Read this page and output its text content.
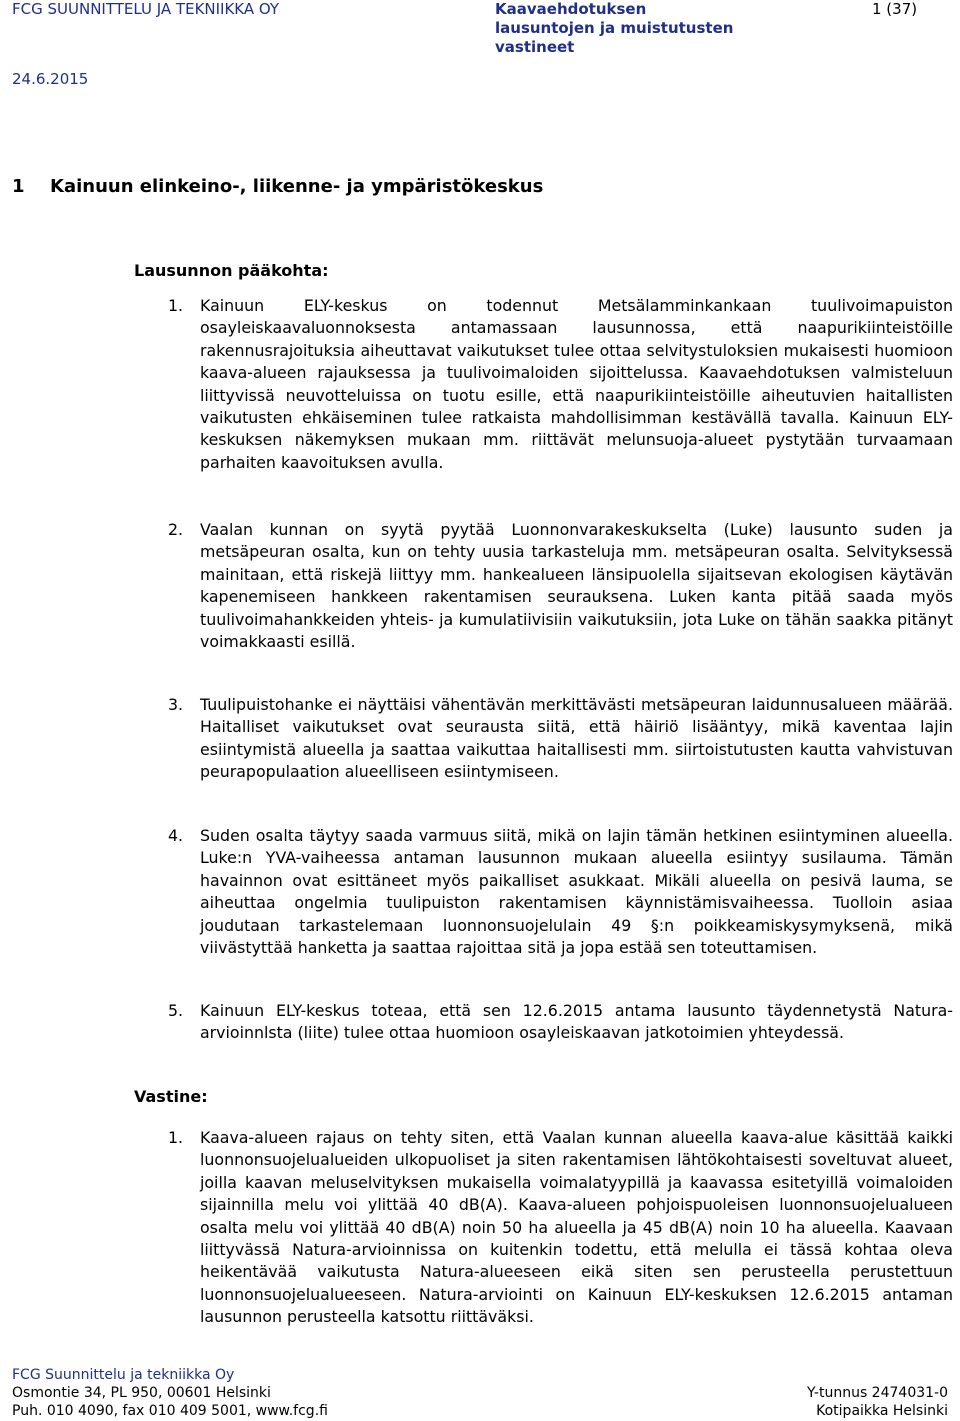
FCG SUUNNITTELU JA TEKNIIKKA OY	Kaavaehdotuksen lausuntojen ja muistutusten vastineet
1 (37)
24.6.2015
1 Kainuun elinkeino-, liikenne- ja ympäristökeskus
Lausunnon pääkohta:
1. Kainuun ELY-keskus on todennut Metsälamminkankaan tuulivoimapuiston osayleiskaavaluonnoksesta antamassaan lausunnossa, että naapurikiinteistöille rakennusrajoituksia aiheuttavat vaikutukset tulee ottaa selvitystuloksien mukaisesti huomioon kaava-alueen rajauksessa ja tuulivoimaloiden sijoittelussa. Kaavaehdotuksen valmisteluun liittyvissä neuvotteluissa on tuotu esille, että naapurikiinteistöille aiheutuvien haitallisten vaikutusten ehkäiseminen tulee ratkaista mahdollisimman kestävällä tavalla. Kainuun ELY-keskuksen näkemyksen mukaan mm. riittävät melunsuoja-alueet pystytään turvaamaan parhaiten kaavoituksen avulla.
2. Vaalan kunnan on syytä pyytää Luonnonvarakeskukselta (Luke) lausunto suden ja metsäpeuran osalta, kun on tehty uusia tarkasteluja mm. metsäpeuran osalta. Selvityksessä mainitaan, että riskejä liittyy mm. hankealueen länsipuolella sijaitsevan ekologisen käytävän kapenemiseen hankkeen rakentamisen seurauksena. Luken kanta pitää saada myös tuulivoimahankkeiden yhteis- ja kumulatiivisiin vaikutuksiin, jota Luke on tähän saakka pitänyt voimakkaasti esillä.
3. Tuulipuistohanke ei näyttäisi vähentävän merkittävästi metsäpeuran laidunnusalueen määrää. Haitalliset vaikutukset ovat seurausta siitä, että häiriö lisääntyy, mikä kaventaa lajin esiintymistä alueella ja saattaa vaikuttaa haitallisesti mm. siirtoistutusten kautta vahvistuvan peurapopulaation alueelliseen esiintymiseen.
4. Suden osalta täytyy saada varmuus siitä, mikä on lajin tämän hetkinen esiintyminen alueella. Luke:n YVA-vaiheessa antaman lausunnon mukaan alueella esiintyy susilauma. Tämän havainnon ovat esittäneet myös paikalliset asukkaat. Mikäli alueella on pesivä lauma, se aiheuttaa ongelmia tuulipuiston rakentamisen käynnistämisvaiheessa. Tuolloin asiaa joudutaan tarkastelemaan luonnonsuojelulain 49 §:n poikkeamiskysymyksenä, mikä viivästyttää hanketta ja saattaa rajoittaa sitä ja jopa estää sen toteuttamisen.
5. Kainuun ELY-keskus toteaa, että sen 12.6.2015 antama lausunto täydennetystä Natura-arvioinnlsta (liite) tulee ottaa huomioon osayleiskaavan jatkotoimien yhteydessä.
Vastine:
1. Kaava-alueen rajaus on tehty siten, että Vaalan kunnan alueella kaava-alue käsittää kaikki luonnonsuojelualueiden ulkopuoliset ja siten rakentamisen lähtökohtaisesti soveltuvat alueet, joilla kaavan meluselvityksen mukaisella voimalatyypillä ja kaavassa esitetyillä voimaloiden sijainnilla melu voi ylittää 40 dB(A). Kaava-alueen pohjoispuoleisen luonnonsuojelualueen osalta melu voi ylittää 40 dB(A) noin 50 ha alueella ja 45 dB(A) noin 10 ha alueella. Kaavaan liittyvässä Natura-arvioinnissa on kuitenkin todettu, että melulla ei tässä kohtaa oleva heikentävää vaikutusta Natura-alueeseen eikä siten sen perusteella perustettuun luonnonsuojelualueeseen. Natura-arviointi on Kainuun ELY-keskuksen 12.6.2015 antaman lausunnon perusteella katsottu riittäväksi.
FCG Suunnittelu ja tekniikka Oy
Osmontie 34, PL 950, 00601 Helsinki	Y-tunnus 2474031-0
Puh. 010 4090, fax 010 409 5001, www.fcg.fi	Kotipaikka Helsinki
